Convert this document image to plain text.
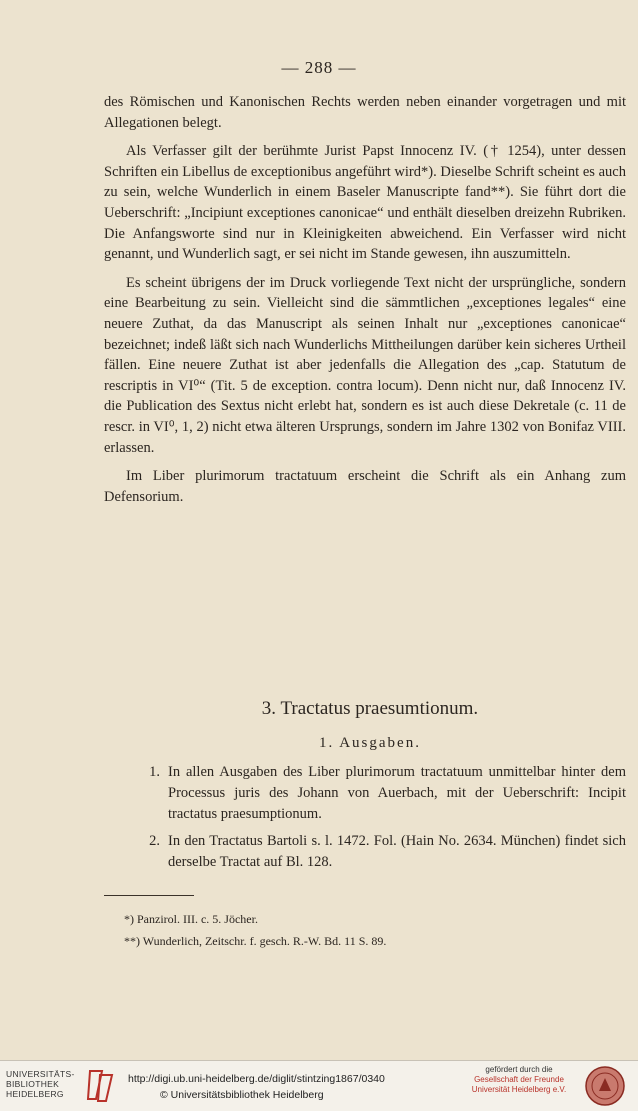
— 288 —

des Römischen und Kanonischen Rechts werden neben einander vorgetragen und mit Allegationen belegt.

Als Verfasser gilt der berühmte Jurist Papst Innocenz IV. († 1254), unter dessen Schriften ein Libellus de exceptionibus angeführt wird*). Dieselbe Schrift scheint es auch zu sein, welche Wunderlich in einem Baseler Manuscripte fand**). Sie führt dort die Ueberschrift: „Incipiunt exceptiones canonicae“ und enthält dieselben dreizehn Rubriken. Die Anfangsworte sind nur in Kleinigkeiten abweichend. Ein Verfasser wird nicht genannt, und Wunderlich sagt, er sei nicht im Stande gewesen, ihn auszumitteln.

Es scheint übrigens der im Druck vorliegende Text nicht der ursprüngliche, sondern eine Bearbeitung zu sein. Vielleicht sind die sämmtlichen „exceptiones legales“ eine neuere Zuthat, da das Manuscript als seinen Inhalt nur „exceptiones canonicae“ bezeichnet; indeß läßt sich nach Wunderlichs Mittheilungen darüber kein sicheres Urtheil fällen. Eine neuere Zuthat ist aber jedenfalls die Allegation des „cap. Statutum de rescriptis in VI⁰“ (Tit. 5 de exception. contra locum). Denn nicht nur, daß Innocenz IV. die Publication des Sextus nicht erlebt hat, sondern es ist auch diese Dekretale (c. 11 de rescr. in VI⁰, 1, 2) nicht etwa älteren Ursprungs, sondern im Jahre 1302 von Bonifaz VIII. erlassen.

Im Liber plurimorum tractatuum erscheint die Schrift als ein Anhang zum Defensorium.

3. Tractatus praesumtionum.
1. Ausgaben.
1. In allen Ausgaben des Liber plurimorum tractatuum unmittelbar hinter dem Processus juris des Johann von Auerbach, mit der Ueberschrift: Incipit tractatus praesumptionum.
2. In den Tractatus Bartoli s. l. 1472. Fol. (Hain No. 2634. München) findet sich derselbe Tractat auf Bl. 128.
*) Panzirol. III. c. 5. Jöcher.
**) Wunderlich, Zeitschr. f. gesch. R.-W. Bd. 11 S. 89.
UNIVERSITÄTS-
BIBLIOTHEK
HEIDELBERG
http://digi.ub.uni-heidelberg.de/diglit/stintzing1867/0340
© Universitätsbibliothek Heidelberg
gefördert durch die
Gesellschaft der Freunde
Universität Heidelberg e.V.
